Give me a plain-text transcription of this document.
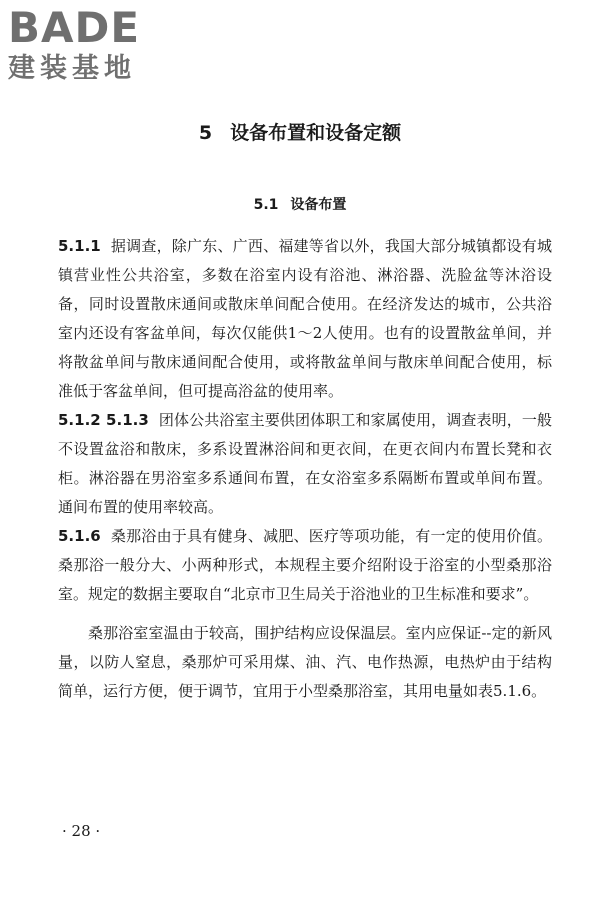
BADE
建装基地
5 设备布置和设备定额
5.1 设备布置

5.1.1 据调查，除广东、广西、福建等省以外，我国大部分城镇都设有城镇营业性公共浴室，多数在浴室内设有浴池、淋浴器、洗脸盆等沐浴设备，同时设置散床通间或散床单间配合使用。在经济发达的城市，公共浴室内还设有客盆单间，每次仅能供1～2人使用。也有的设置散盆单间，并将散盆单间与散床通间配合使用，或将散盆单间与散床单间配合使用，标准低于客盆单间，但可提高浴盆的使用率。

5.1.2 5.1.3 团体公共浴室主要供团体职工和家属使用，调查表明，一般不设置盆浴和散床，多系设置淋浴间和更衣间，在更衣间内布置长凳和衣柜。淋浴器在男浴室多系通间布置，在女浴室多系隔断布置或单间布置。通间布置的使用率较高。

5.1.6 桑那浴由于具有健身、减肥、医疗等项功能，有一定的使用价值。桑那浴一般分大、小两种形式，本规程主要介绍附设于浴室的小型桑那浴室。规定的数据主要取自“北京市卫生局关于浴池业的卫生标准和要求”。

桑那浴室室温由于较高，围护结构应设保温层。室内应保证--定的新风量，以防人窒息，桑那炉可采用煤、油、汽、电作热源，电热炉由于结构简单，运行方便，便于调节，宜用于小型桑那浴室，其用电量如表5.1.6。

· 28 ·
